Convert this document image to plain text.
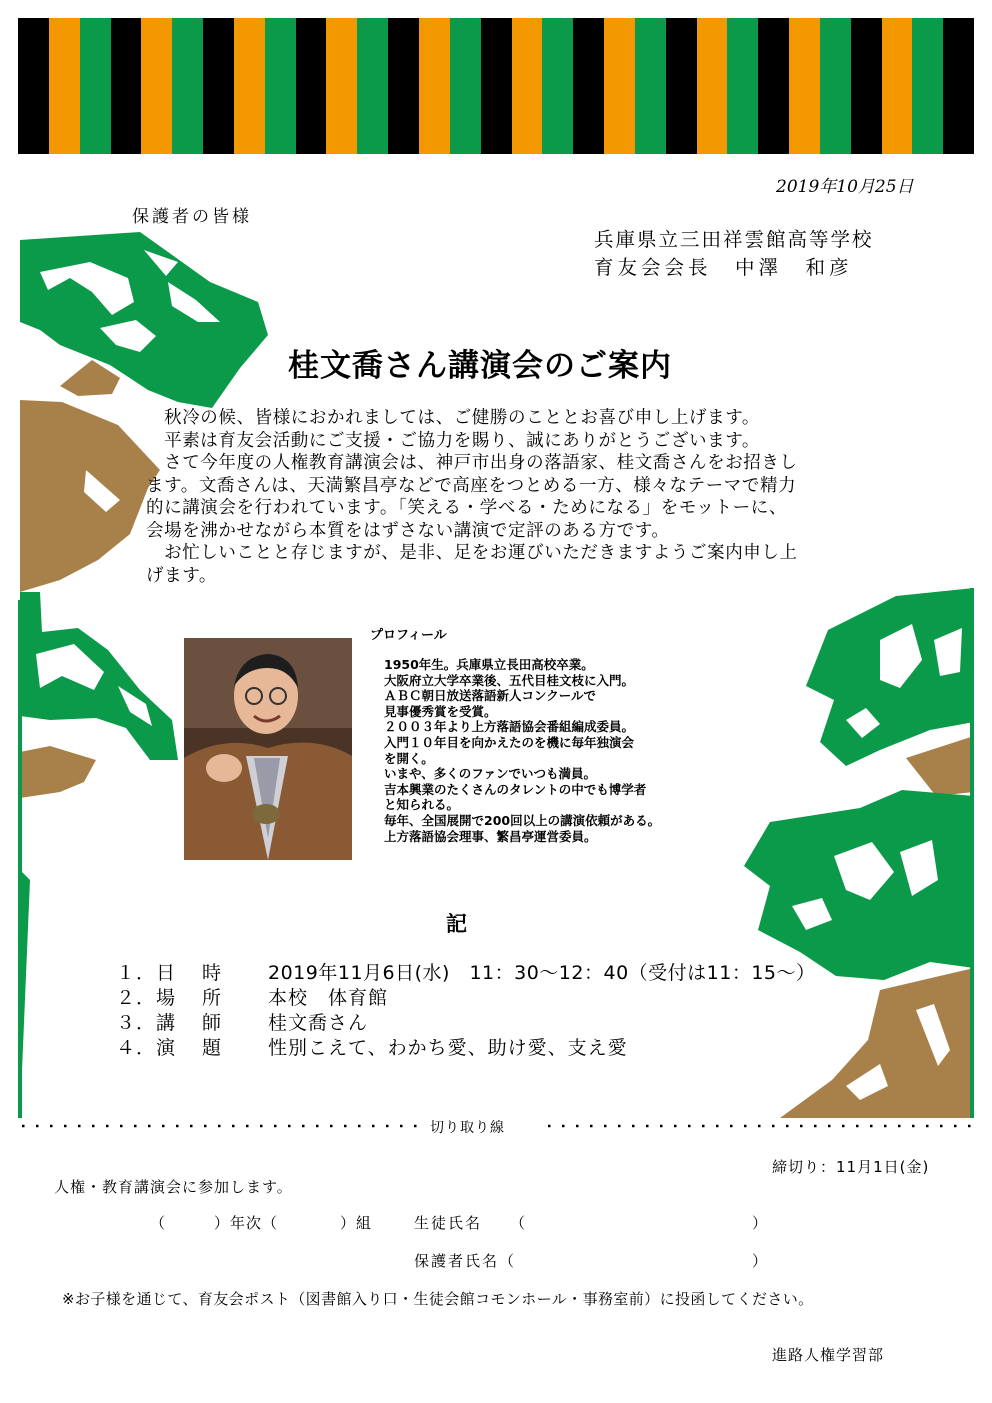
2019年10月25日
保護者の皆様
兵庫県立三田祥雲館高等学校
育友会会長　中澤　和彦
桂文喬さん講演会のご案内
　秋冷の候、皆様におかれましては、ご健勝のこととお喜び申し上げます。
　平素は育友会活動にご支援・ご協力を賜り、誠にありがとうございます。
　さて今年度の人権教育講演会は、神戸市出身の落語家、桂文喬さんをお招きし
ます。文喬さんは、天満繁昌亭などで高座をつとめる一方、様々なテーマで精力
的に講演会を行われています。「笑える・学べる・ためになる」をモットーに、
会場を沸かせながら本質をはずさない講演で定評のある方です。
　お忙しいことと存じますが、是非、足をお運びいただきますようご案内申し上
げます。
プロフィール
1950年生。兵庫県立長田高校卒業。
大阪府立大学卒業後、五代目桂文枝に入門。
ＡＢＣ朝日放送落語新人コンクールで
見事優秀賞を受賞。
２００３年より上方落語協会番組編成委員。
入門１０年目を向かえたのを機に毎年独演会
を開く。
いまや、多くのファンでいつも満員。
吉本興業のたくさんのタレントの中でも博学者
と知られる。
毎年、全国展開で200回以上の講演依頼がある。
上方落語協会理事、繁昌亭運営委員。
記
１． 日　時 2019年11月6日(水)　11：30～12：40（受付は11：15～）
２． 場　所 本校　体育館
３． 講　師 桂文喬さん
４． 演　題 性別こえて、わかち愛、助け愛、支え愛
切り取り線
締切り：11月1日(金)
人権・教育講演会に参加します。
（	）年次（	）組	生徒氏名 （	）
保護者氏名（	）
※お子様を通じて、育友会ポスト（図書館入り口・生徒会館コモンホール・事務室前）に投函してください。
進路人権学習部
